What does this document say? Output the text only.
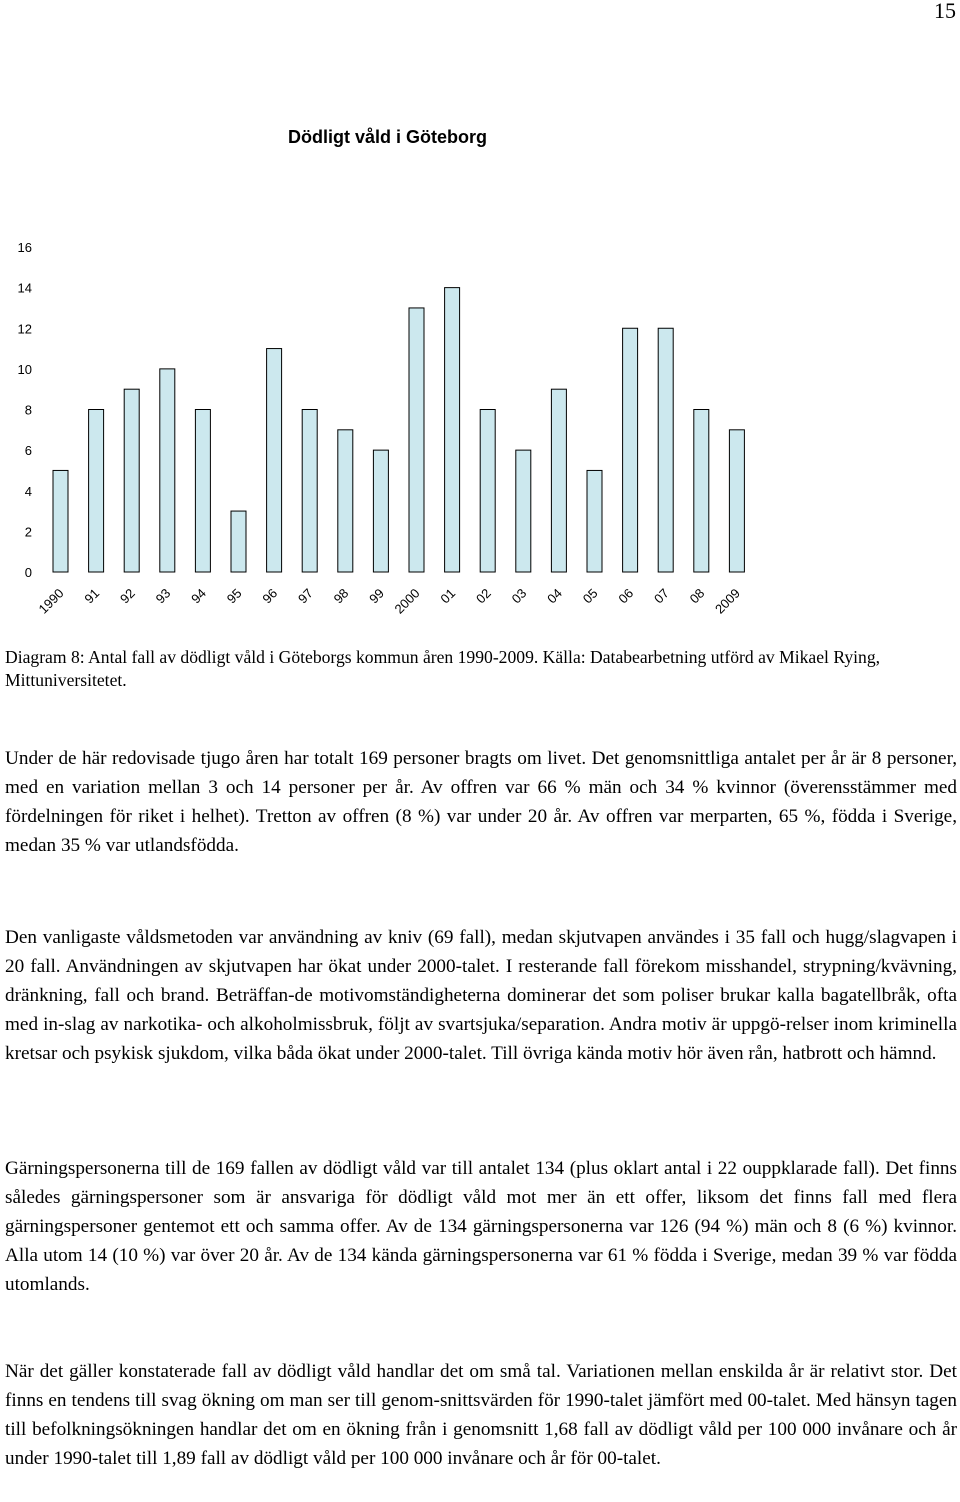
15
Dödligt våld i Göteborg
0
2
4
6
8
10
12
14
16
1990 91 92 93 94 95 96 97 98 99 2000 01 02 03 04 05 06 07 08 2009
Diagram 8: Antal fall av dödligt våld i Göteborgs kommun åren 1990-2009. Källa: Databearbetning utförd av Mikael Rying, Mittuniversitetet.

Under de här redovisade tjugo åren har totalt 169 personer bragts om livet. Det genomsnittliga antalet per år är 8 personer, med en variation mellan 3 och 14 personer per år. Av offren var 66 % män och 34 % kvinnor (överensstämmer med fördelningen för riket i helhet). Tretton av offren (8 %) var under 20 år. Av offren var merparten, 65 %, födda i Sverige, medan 35 % var utlandsfödda.

Den vanligaste våldsmetoden var användning av kniv (69 fall), medan skjutvapen användes i 35 fall och hugg/slagvapen i 20 fall. Användningen av skjutvapen har ökat under 2000-talet. I resterande fall förekom misshandel, strypning/kvävning, dränkning, fall och brand. Beträffan-de motivomständigheterna dominerar det som poliser brukar kalla bagatellbråk, ofta med in-slag av narkotika- och alkoholmissbruk, följt av svartsjuka/separation. Andra motiv är uppgö-relser inom kriminella kretsar och psykisk sjukdom, vilka båda ökat under 2000-talet. Till övriga kända motiv hör även rån, hatbrott och hämnd.

Gärningspersonerna till de 169 fallen av dödligt våld var till antalet 134 (plus oklart antal i 22 ouppklarade fall). Det finns således gärningspersoner som är ansvariga för dödligt våld mot mer än ett offer, liksom det finns fall med flera gärningspersoner gentemot ett och samma offer. Av de 134 gärningspersonerna var 126 (94 %) män och 8 (6 %) kvinnor. Alla utom 14 (10 %) var över 20 år. Av de 134 kända gärningspersonerna var 61 % födda i Sverige, medan 39 % var födda utomlands.

När det gäller konstaterade fall av dödligt våld handlar det om små tal. Variationen mellan enskilda år är relativt stor. Det finns en tendens till svag ökning om man ser till genom-snittsvärden för 1990-talet jämfört med 00-talet. Med hänsyn tagen till befolkningsökningen handlar det om en ökning från i genomsnitt 1,68 fall av dödligt våld per 100 000 invånare och år under 1990-talet till 1,89 fall av dödligt våld per 100 000 invånare och år för 00-talet.
